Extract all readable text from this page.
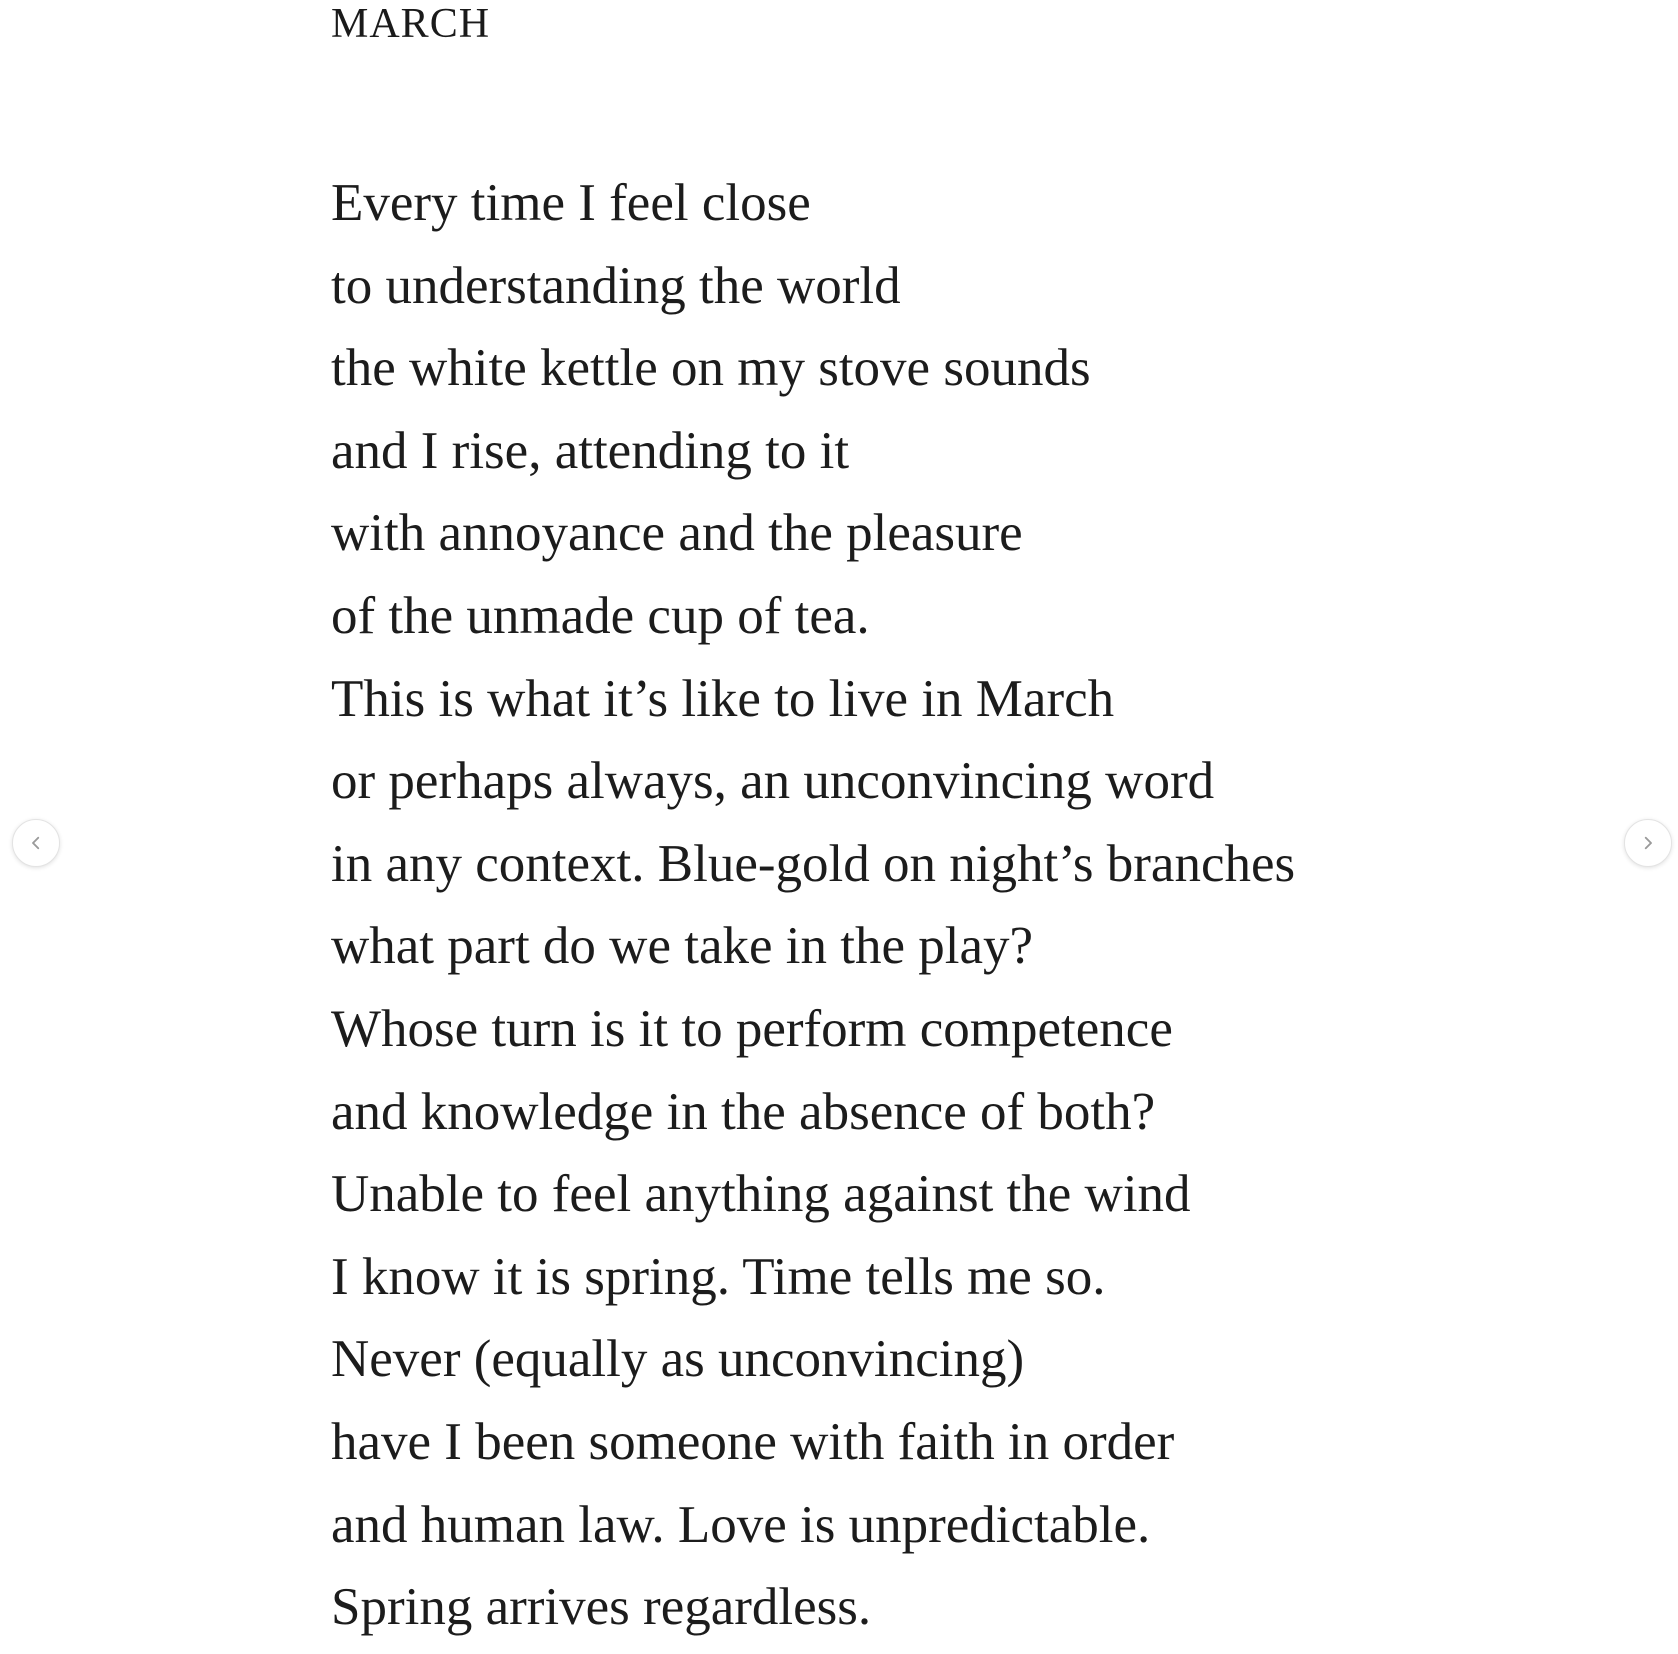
MARCH
Every time I feel close
to understanding the world
the white kettle on my stove sounds
and I rise, attending to it
with annoyance and the pleasure
of the unmade cup of tea.
This is what it’s like to live in March
or perhaps always, an unconvincing word
in any context. Blue-gold on night’s branches
what part do we take in the play?
Whose turn is it to perform competence
and knowledge in the absence of both?
Unable to feel anything against the wind
I know it is spring. Time tells me so.
Never (equally as unconvincing)
have I been someone with faith in order
and human law. Love is unpredictable.
Spring arrives regardless.
